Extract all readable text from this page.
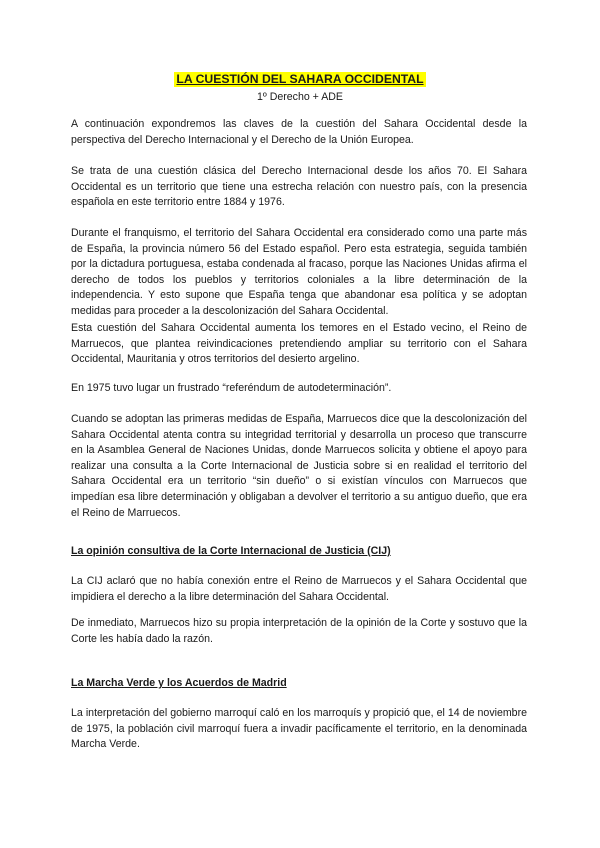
LA CUESTIÓN DEL SAHARA OCCIDENTAL
1º Derecho + ADE

A continuación expondremos las claves de la cuestión del Sahara Occidental desde la perspectiva del Derecho Internacional y el Derecho de la Unión Europea.

Se trata de una cuestión clásica del Derecho Internacional desde los años 70. El Sahara Occidental es un territorio que tiene una estrecha relación con nuestro país, con la presencia española en este territorio entre 1884 y 1976.

Durante el franquismo, el territorio del Sahara Occidental era considerado como una parte más de España, la provincia número 56 del Estado español. Pero esta estrategia, seguida también por la dictadura portuguesa, estaba condenada al fracaso, porque las Naciones Unidas afirma el derecho de todos los pueblos y territorios coloniales a la libre determinación de la independencia. Y esto supone que España tenga que abandonar esa política y se adoptan medidas para proceder a la descolonización del Sahara Occidental.

Esta cuestión del Sahara Occidental aumenta los temores en el Estado vecino, el Reino de Marruecos, que plantea reivindicaciones pretendiendo ampliar su territorio con el Sahara Occidental, Mauritania y otros territorios del desierto argelino.

En 1975 tuvo lugar un frustrado “referéndum de autodeterminación”.

Cuando se adoptan las primeras medidas de España, Marruecos dice que la descolonización del Sahara Occidental atenta contra su integridad territorial y desarrolla un proceso que transcurre en la Asamblea General de Naciones Unidas, donde Marruecos solicita y obtiene el apoyo para realizar una consulta a la Corte Internacional de Justicia sobre si en realidad el territorio del Sahara Occidental era un territorio “sin dueño” o si existían vínculos con Marruecos que impedían esa libre determinación y obligaban a devolver el territorio a su antiguo dueño, que era el Reino de Marruecos.

La opinión consultiva de la Corte Internacional de Justicia (CIJ)

La CIJ aclaró que no había conexión entre el Reino de Marruecos y el Sahara Occidental que impidiera el derecho a la libre determinación del Sahara Occidental.

De inmediato, Marruecos hizo su propia interpretación de la opinión de la Corte y sostuvo que la Corte les había dado la razón.

La Marcha Verde y los Acuerdos de Madrid

La interpretación del gobierno marroquí caló en los marroquís y propició que, el 14 de noviembre de 1975, la población civil marroquí fuera a invadir pacíficamente el territorio, en la denominada Marcha Verde.
